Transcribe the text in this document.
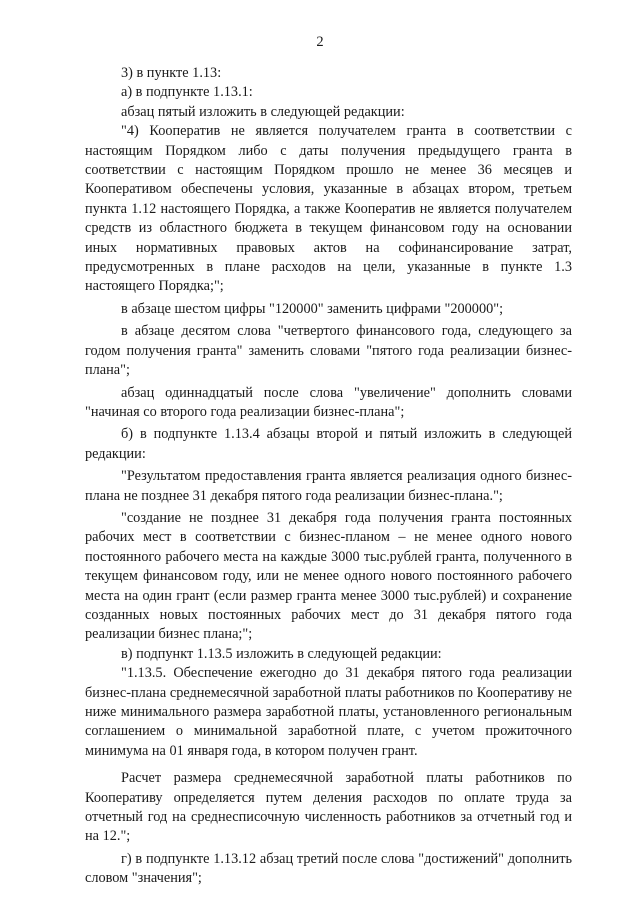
2

3) в пункте 1.13:

а) в подпункте 1.13.1:

абзац пятый изложить в следующей редакции:

"4) Кооператив не является получателем гранта в соответствии с настоящим Порядком либо с даты получения предыдущего гранта в соответствии с настоящим Порядком прошло не менее 36 месяцев и Кооперативом обеспечены условия, указанные в абзацах втором, третьем пункта 1.12 настоящего Порядка, а также Кооператив не является получателем средств из областного бюджета в текущем финансовом году на основании иных нормативных правовых актов на софинансирование затрат, предусмотренных в плане расходов на цели, указанные в пункте 1.3 настоящего Порядка;";

в абзаце шестом цифры "120000" заменить цифрами "200000";

в абзаце десятом слова "четвертого финансового года, следующего за годом получения гранта" заменить словами "пятого года реализации бизнес-плана";

абзац одиннадцатый после слова "увеличение" дополнить словами "начиная со второго года реализации бизнес-плана";

б) в подпункте 1.13.4 абзацы второй и пятый изложить в следующей редакции:

"Результатом предоставления гранта является реализация одного бизнес-плана не позднее 31 декабря пятого года реализации бизнес-плана.";

"создание не позднее 31 декабря года получения гранта постоянных рабочих мест в соответствии с бизнес-планом – не менее одного нового постоянного рабочего места на каждые 3000 тыс.рублей гранта, полученного в текущем финансовом году, или не менее одного нового постоянного рабочего места на один грант (если размер гранта менее 3000 тыс.рублей) и сохранение созданных новых постоянных рабочих мест до 31 декабря пятого года реализации бизнес плана;";

в) подпункт 1.13.5 изложить в следующей редакции:

"1.13.5. Обеспечение ежегодно до 31 декабря пятого года реализации бизнес-плана среднемесячной заработной платы работников по Кооперативу не ниже минимального размера заработной платы, установленного региональным соглашением о минимальной заработной плате, с учетом прожиточного минимума на 01 января года, в котором получен грант.

Расчет размера среднемесячной заработной платы работников по Кооперативу определяется путем деления расходов по оплате труда за отчетный год на среднесписочную численность работников за отчетный год и на 12.";

г) в подпункте 1.13.12 абзац третий после слова "достижений" дополнить словом "значения";
